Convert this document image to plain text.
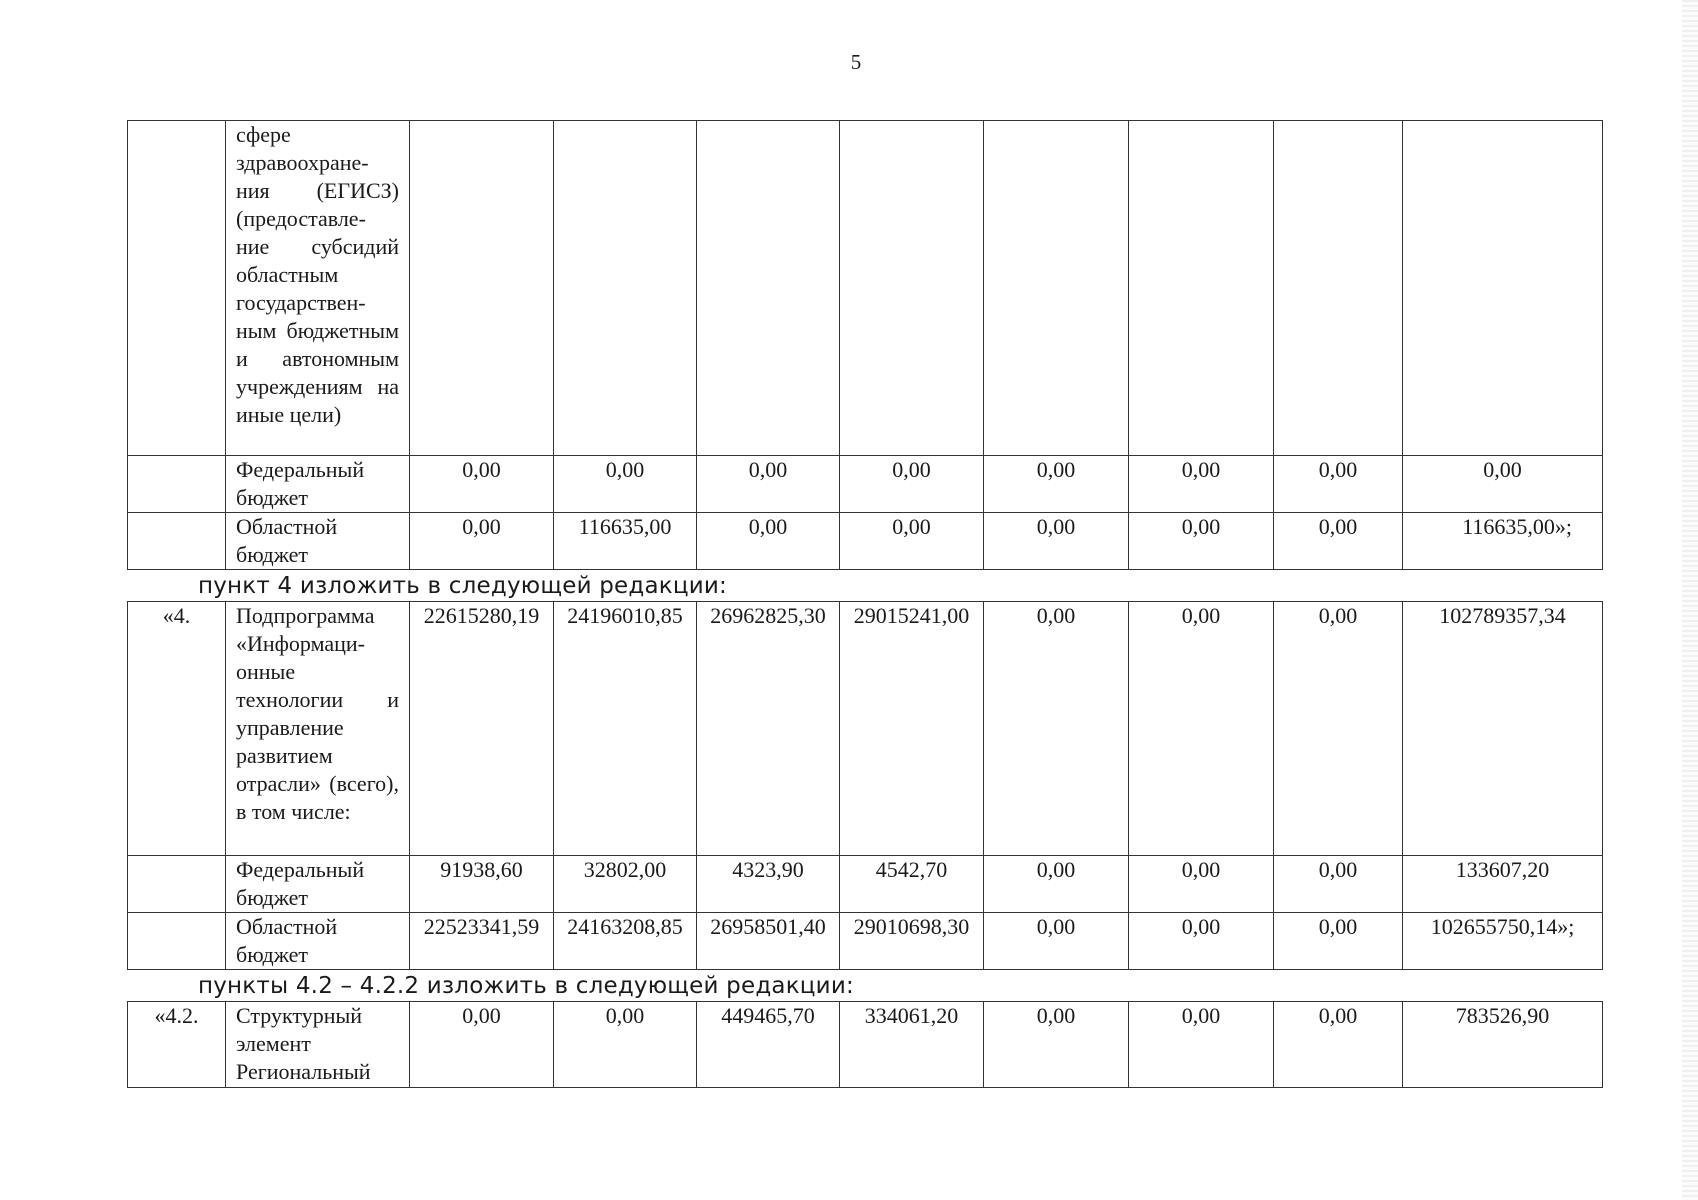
5
	сфере здравоохране-ния (ЕГИСЗ) (предоставле-ние субсидий областным государствен-ным бюджетным и автономным учреждениям на иные цели)								
	Федеральный бюджет	0,00	0,00	0,00	0,00	0,00	0,00	0,00	0,00
	Областной бюджет	0,00	116635,00	0,00	0,00	0,00	0,00	0,00	116635,00»;
пункт 4 изложить в следующей редакции:
«4.	Подпрограмма «Информаци-онные технологии и управление развитием отрасли» (всего), в том числе:	22615280,19	24196010,85	26962825,30	29015241,00	0,00	0,00	0,00	102789357,34
	Федеральный бюджет	91938,60	32802,00	4323,90	4542,70	0,00	0,00	0,00	133607,20
	Областной бюджет	22523341,59	24163208,85	26958501,40	29010698,30	0,00	0,00	0,00	102655750,14»;
пункты 4.2 – 4.2.2 изложить в следующей редакции:
«4.2.	Структурный элемент Региональный	0,00	0,00	449465,70	334061,20	0,00	0,00	0,00	783526,90
